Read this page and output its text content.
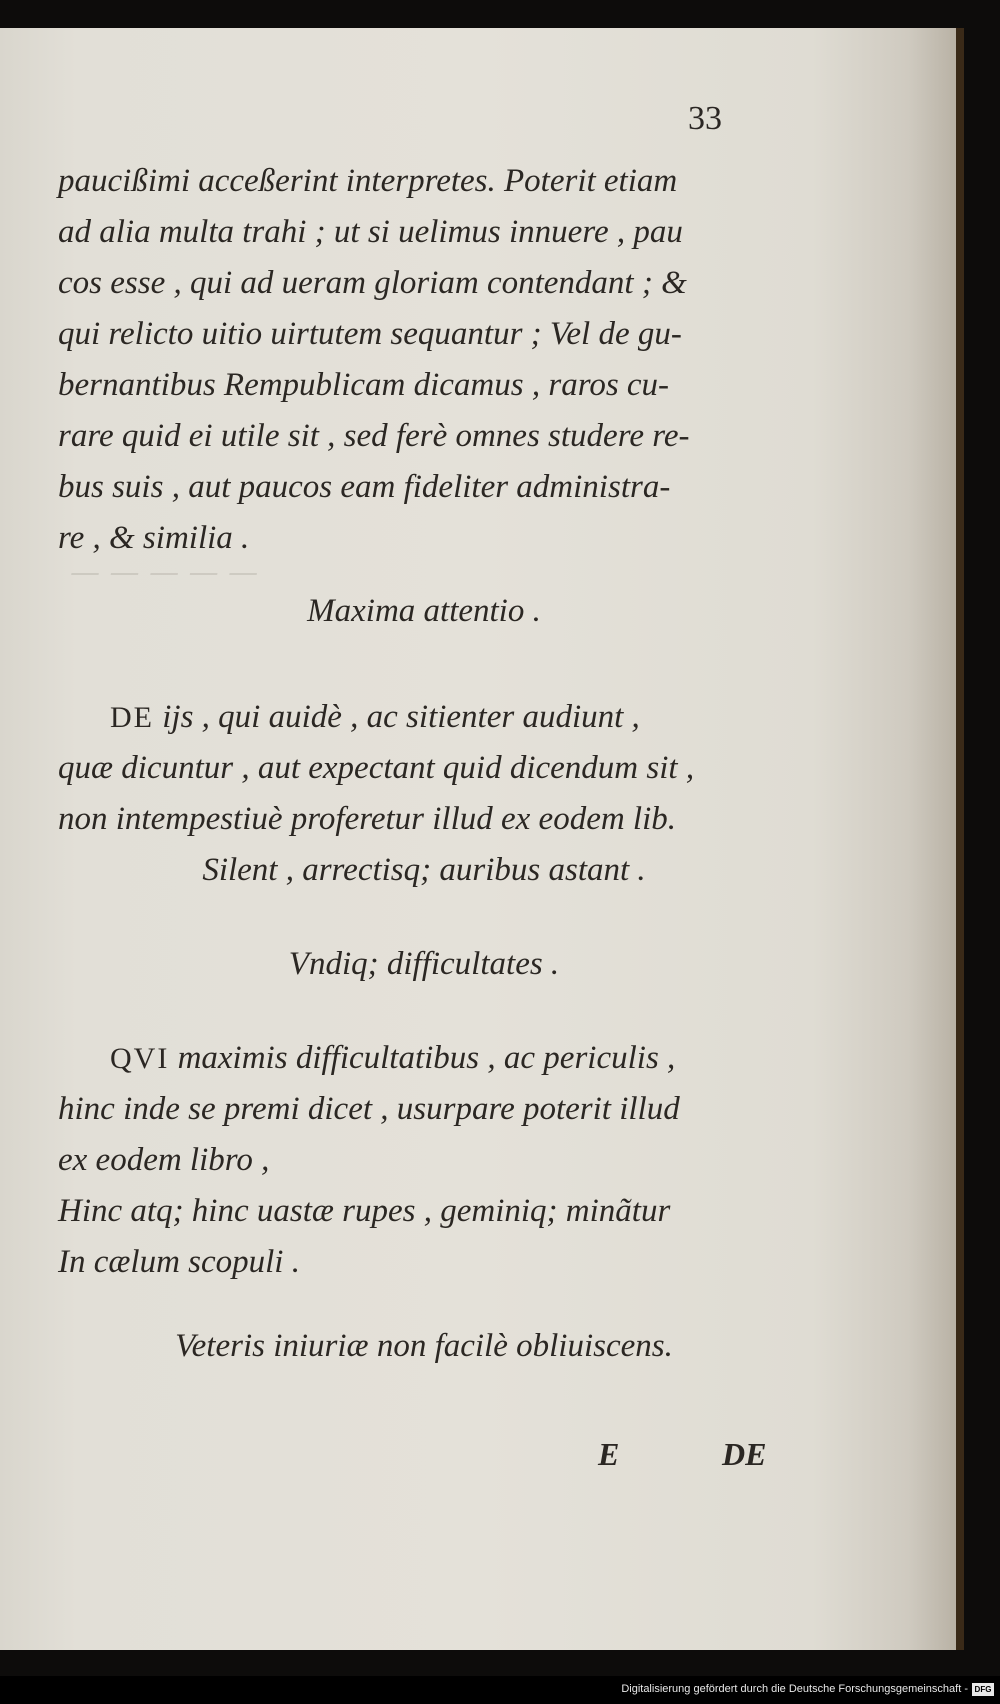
— — — — —
33
paucißimi acceßerint interpretes. Poterit etiam
ad alia multa trahi ; ut si uelimus innuere , pau
cos esse , qui ad ueram gloriam contendant ; &
qui relicto uitio uirtutem sequantur ; Vel de gu-
bernantibus Rempublicam dicamus , raros cu-
rare quid ei utile sit , sed ferè omnes studere re-
bus suis , aut paucos eam fideliter administra-
re , & similia .
Maxima attentio .
DE ijs , qui auidè , ac sitienter audiunt ,
quæ dicuntur , aut expectant quid dicendum sit ,
non intempestiuè proferetur illud ex eodem lib.
Silent , arrectisq; auribus astant .
Vndiq; difficultates .
QVI maximis difficultatibus , ac periculis ,
hinc inde se premi dicet , usurpare poterit illud
ex eodem libro ,
Hinc atq; hinc uastæ rupes , geminiq; minãtur
In cælum scopuli .
Veteris iniuriæ non facilè obliuiscens.
E	DE
Digitalisierung gefördert durch die Deutsche Forschungsgemeinschaft - DFG
